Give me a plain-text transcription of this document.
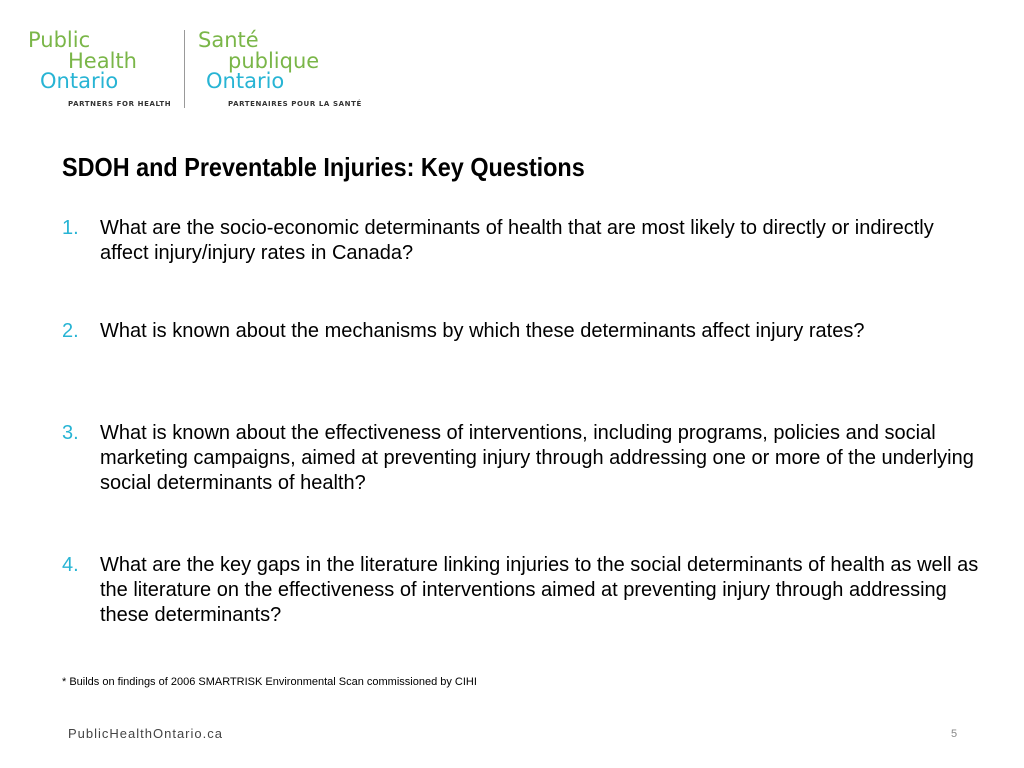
Public
Health
Ontario
PARTNERS FOR HEALTH
Santé
publique
Ontario
PARTENAIRES POUR LA SANTÉ
SDOH and Preventable Injuries: Key Questions
1. What are the socio-economic determinants of health that are most likely to directly or indirectly affect injury/injury rates in Canada?
2. What is known about the mechanisms by which these determinants affect injury rates?
3. What is known about the effectiveness of interventions, including programs, policies and social marketing campaigns, aimed at preventing injury through addressing one or more of the underlying social determinants of health?
4. What are the key gaps in the literature linking injuries to the social determinants of health as well as the literature on the effectiveness of interventions aimed at preventing injury through addressing these determinants?
* Builds on findings of 2006 SMARTRISK Environmental Scan commissioned by CIHI
PublicHealthOntario.ca	5
